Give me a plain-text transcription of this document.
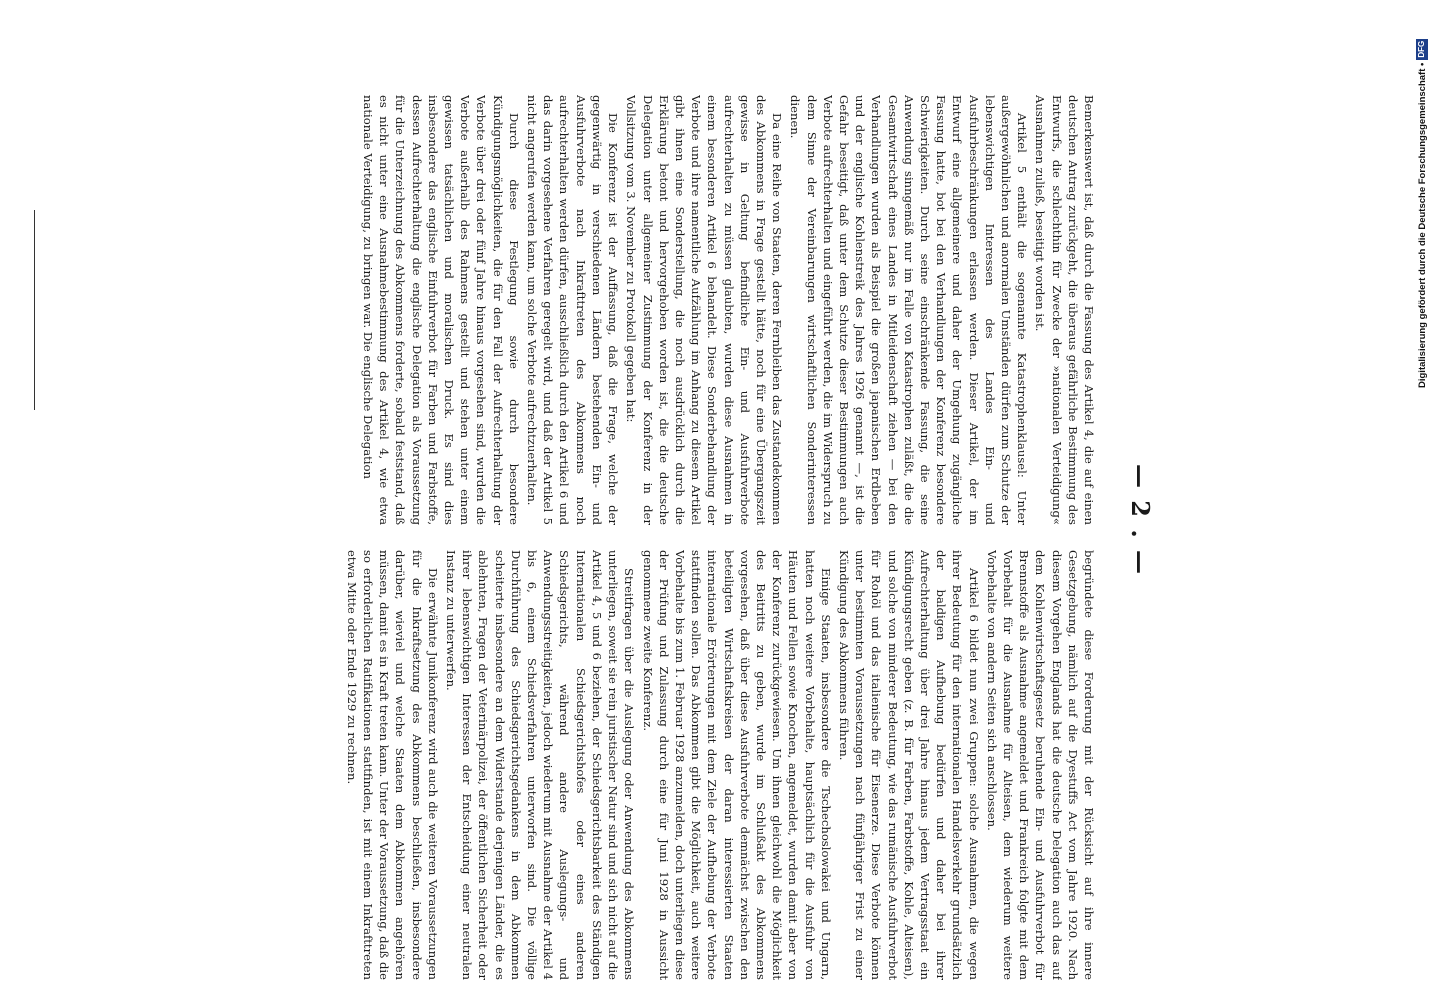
— 2 . —

Bemerkenswert ist, daß durch die Fassung des Artikel 4, die auf einen deutschen Antrag zurückgeht, die überaus gefährliche Bestimmung des Entwurfs, die schlechthin für Zwecke der »nationalen Verteidigung« Ausnahmen zuließ, beseitigt worden ist.

Artikel 5 enthält die sogenannte Katastrophenklausel: Unter außergewöhnlichen und anormalen Umständen dürfen zum Schutze der lebenswichtigen Interessen des Landes Ein- und Ausfuhrbeschränkungen erlassen werden. Dieser Artikel, der im Entwurf eine allgemeinere und daher der Umgehung zugängliche Fassung hatte, bot bei den Verhandlungen der Konferenz besondere Schwierigkeiten. Durch seine einschränkende Fassung, die seine Anwendung sinngemäß nur im Falle von Katastrophen zuläßt, die die Gesamtwirtschaft eines Landes in Mitleidenschaft ziehen — bei den Verhandlungen wurden als Beispiel die großen japanischen Erdbeben und der englische Kohlenstreik des Jahres 1926 genannt —, ist die Gefahr beseitigt, daß unter dem Schutze dieser Bestimmungen auch Verbote aufrechterhalten und eingeführt werden, die im Widerspruch zu dem Sinne der Vereinbarungen wirtschaftlichen Sonderinteressen dienen.

Da eine Reihe von Staaten, deren Fernbleiben das Zustandekommen des Abkommens in Frage gestellt hätte, noch für eine Übergangszeit gewisse in Geltung befindliche Ein- und Ausfuhrverbote aufrechterhalten zu müssen glaubten, wurden diese Ausnahmen in einem besonderen Artikel 6 behandelt. Diese Sonderbehandlung der Verbote und ihre namentliche Aufzählung im Anhang zu diesem Artikel gibt ihnen eine Sonderstellung, die noch ausdrücklich durch die Erklärung betont und hervorgehoben worden ist, die die deutsche Delegation unter allgemeiner Zustimmung der Konferenz in der Vollsitzung vom 3. November zu Protokoll gegeben hat:

Die Konferenz ist der Auffassung, daß die Frage, welche der gegenwärtig in verschiedenen Ländern bestehenden Ein- und Ausfuhrverbote nach Inkrafttreten des Abkommens noch aufrechterhalten werden dürfen, ausschließlich durch den Artikel 6 und das darin vorgesehene Verfahren geregelt wird, und daß der Artikel 5 nicht angerufen werden kann, um solche Verbote aufrechtzuerhalten.

Durch diese Festlegung sowie durch besondere Kündigungsmöglichkeiten, die für den Fall der Aufrechterhaltung der Verbote über drei oder fünf Jahre hinaus vorgesehen sind, wurden die Verbote außerhalb des Rahmens gestellt und stehen unter einem gewissen tatsächlichen und moralischen Druck. Es sind dies insbesondere das englische Einfuhrverbot für Farben und Farbstoffe, dessen Aufrechterhaltung die englische Delegation als Voraussetzung für die Unterzeichnung des Abkommens forderte, sobald feststand, daß es nicht unter eine Ausnahmebestimmung des Artikel 4, wie etwa nationale Verteidigung, zu bringen war. Die englische Delegation

begründete diese Forderung mit der Rücksicht auf ihre innere Gesetzgebung, nämlich auf die Dyestuffs Act vom Jahre 1920. Nach diesem Vorgehen Englands hat die deutsche Delegation auch das auf dem Kohlenwirtschaftsgesetz beruhende Ein- und Ausfuhrverbot für Brennstoffe als Ausnahme angemeldet und Frankreich folgte mit dem Vorbehalt für die Ausnahme für Alteisen, dem wiederum weitere Vorbehalte von andern Seiten sich anschlossen.

Artikel 6 bildet nun zwei Gruppen: solche Ausnahmen, die wegen ihrer Bedeutung für den internationalen Handelsverkehr grundsätzlich der baldigen Aufhebung bedürfen und daher bei ihrer Aufrechterhaltung über drei Jahre hinaus jedem Vertragsstaat ein Kündigungsrecht geben (z. B. für Farben, Farbstoffe, Kohle, Alteisen), und solche von minderer Bedeutung, wie das rumänische Ausfuhrverbot für Rohöl und das italienische für Eisenerze. Diese Verbote können unter bestimmten Voraussetzungen nach fünfjähriger Frist zu einer Kündigung des Abkommens führen.

Einige Staaten, insbesondere die Tschechoslowakei und Ungarn, hatten noch weitere Vorbehalte, hauptsächlich für die Ausfuhr von Häuten und Fellen sowie Knochen, angemeldet, wurden damit aber von der Konferenz zurückgewiesen. Um ihnen gleichwohl die Möglichkeit des Beitritts zu geben, wurde im Schlußakt des Abkommens vorgesehen, daß über diese Ausfuhrverbote demnächst zwischen den beteiligten Wirtschaftskreisen der daran interessierten Staaten internationale Erörterungen mit dem Ziele der Aufhebung der Verbote stattfinden sollen. Das Abkommen gibt die Möglichkeit, auch weitere Vorbehalte bis zum 1. Februar 1928 anzumelden, doch unterliegen diese der Prüfung und Zulassung durch eine für Juni 1928 in Aussicht genommene zweite Konferenz.

Streitfragen über die Auslegung oder Anwendung des Abkommens unterliegen, soweit sie rein juristischer Natur sind und sich nicht auf die Artikel 4, 5 und 6 beziehen, der Schiedsgerichtsbarkeit des Ständigen Internationalen Schiedsgerichtshofes oder eines anderen Schiedsgerichts, während andere Auslegungs- und Anwendungsstreitigkeiten, jedoch wiederum mit Ausnahme der Artikel 4 bis 6, einem Schiedsverfahren unterworfen sind. Die völlige Durchführung des Schiedsgerichtsgedankens in dem Abkommen scheiterte insbesondere an dem Widerstande derjenigen Länder, die es ablehnten, Fragen der Veterinärpolizei, der öffentlichen Sicherheit oder ihrer lebenswichtigen Interessen der Entscheidung einer neutralen Instanz zu unterwerfen.

Die erwähnte Junikonferenz wird auch die weiteren Voraussetzungen für die Inkraftsetzung des Abkommens beschließen, insbesondere darüber, wieviel und welche Staaten dem Abkommen angehören müssen, damit es in Kraft treten kann. Unter der Voraussetzung, daß die so erforderlichen Ratifikationen stattfinden, ist mit einem Inkrafttreten etwa Mitte oder Ende 1929 zu rechnen.

Digitalisierung gefördert durch die Deutsche Forschungsgemeinschaft •
DFG
